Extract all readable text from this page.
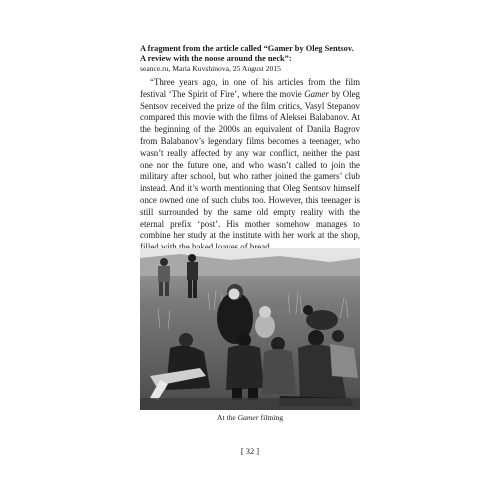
A fragment from the article called “Gamer by Oleg Sentsov.
A review with the noose around the neck”:

seance.ru, Maria Kuvshinova, 25 August 2015

“Three years ago, in one of his articles from the film festival ‘The Spirit of Fire’, where the movie Gamer by Oleg Sentsov received the prize of the film critics, Vasyl Stepanov compared this movie with the films of Aleksei Balabanov. At the beginning of the 2000s an equivalent of Danila Bagrov from Balabanov’s legendary films becomes a teenager, who wasn’t really affected by any war conflict, neither the past one nor the future one, and who wasn’t called to join the military after school, but who rather joined the gamers’ club instead. And it’s worth mentioning that Oleg Sentsov himself once owned one of such clubs too. However, this teenager is still surrounded by the same old empty reality with the eternal prefix ‘post’. His mother somehow manages to combine her study at the institute with her work at the shop,

At the Gamer filming

[ 32 ]
